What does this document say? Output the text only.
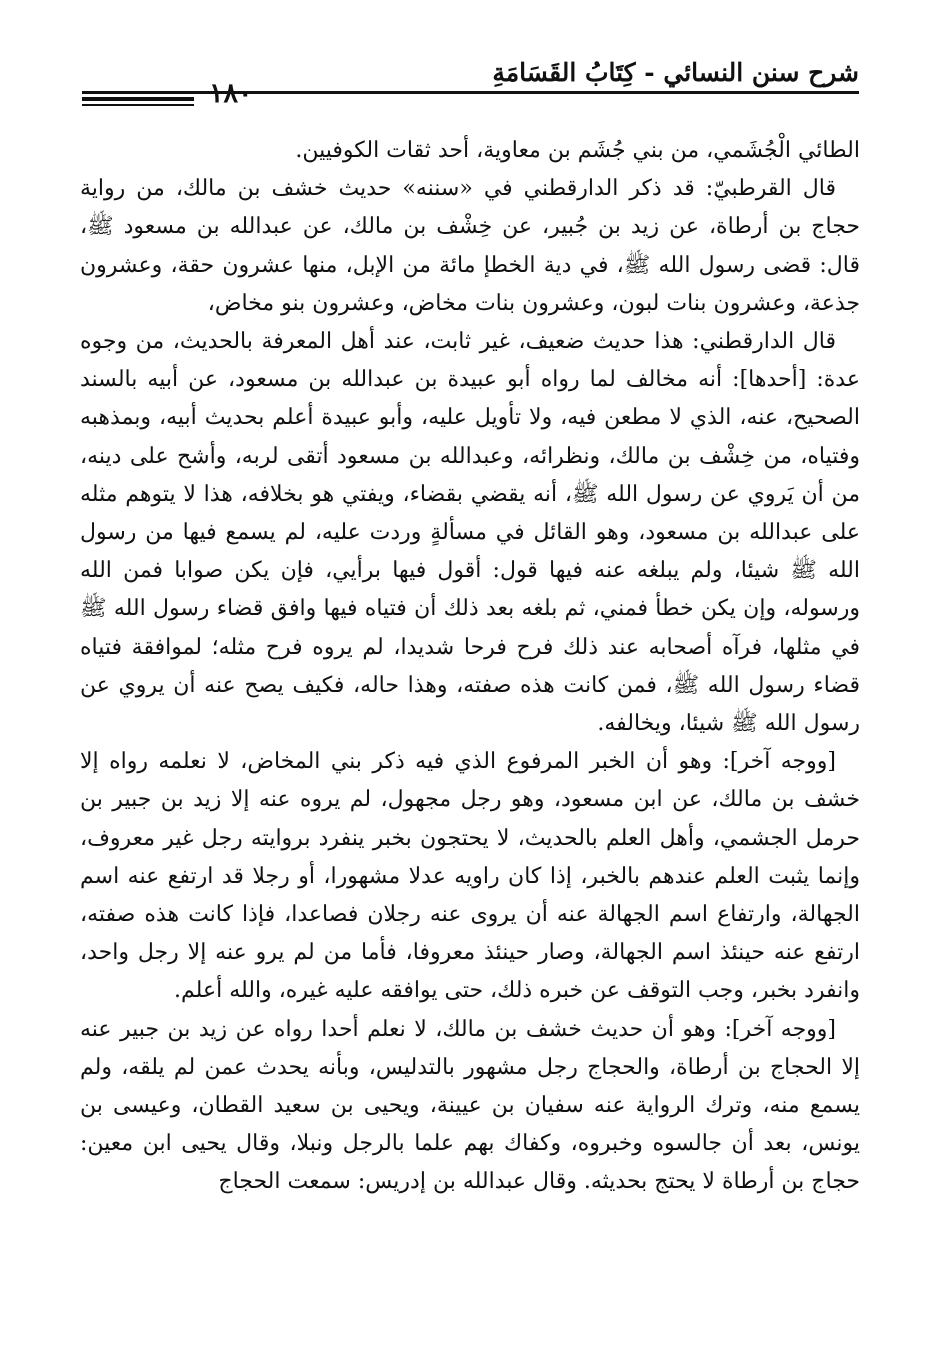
شرح سنن النسائي - كِتَابُ القَسَامَةِ
١٨٠

الطائي الْجُشَمي، من بني جُشَم بن معاوية، أحد ثقات الكوفيين.

قال القرطبيّ: قد ذكر الدارقطني في «سننه» حديث خشف بن مالك، من رواية حجاج بن أرطاة، عن زيد بن جُبير، عن خِشْف بن مالك، عن عبدالله بن مسعود ﷺ، قال: قضى رسول الله ﷺ، في دية الخطإ مائة من الإبل، منها عشرون حقة، وعشرون جذعة، وعشرون بنات لبون، وعشرون بنات مخاض، وعشرون بنو مخاض،

قال الدارقطني: هذا حديث ضعيف، غير ثابت، عند أهل المعرفة بالحديث، من وجوه عدة: [أحدها]: أنه مخالف لما رواه أبو عبيدة بن عبدالله بن مسعود، عن أبيه بالسند الصحيح، عنه، الذي لا مطعن فيه، ولا تأويل عليه، وأبو عبيدة أعلم بحديث أبيه، وبمذهبه وفتياه، من خِشْف بن مالك، ونظرائه، وعبدالله بن مسعود أتقى لربه، وأشح على دينه، من أن يَروي عن رسول الله ﷺ، أنه يقضي بقضاء، ويفتي هو بخلافه، هذا لا يتوهم مثله على عبدالله بن مسعود، وهو القائل في مسألةٍ وردت عليه، لم يسمع فيها من رسول الله ﷺ شيئا، ولم يبلغه عنه فيها قول: أقول فيها برأيي، فإن يكن صوابا فمن الله ورسوله، وإن يكن خطأ فمني، ثم بلغه بعد ذلك أن فتياه فيها وافق قضاء رسول الله ﷺ في مثلها، فرآه أصحابه عند ذلك فرح فرحا شديدا، لم يروه فرح مثله؛ لموافقة فتياه قضاء رسول الله ﷺ، فمن كانت هذه صفته، وهذا حاله، فكيف يصح عنه أن يروي عن رسول الله ﷺ شيئا، ويخالفه.

[ووجه آخر]: وهو أن الخبر المرفوع الذي فيه ذكر بني المخاض، لا نعلمه رواه إلا خشف بن مالك، عن ابن مسعود، وهو رجل مجهول، لم يروه عنه إلا زيد بن جبير بن حرمل الجشمي، وأهل العلم بالحديث، لا يحتجون بخبر ينفرد بروايته رجل غير معروف، وإنما يثبت العلم عندهم بالخبر، إذا كان راويه عدلا مشهورا، أو رجلا قد ارتفع عنه اسم الجهالة، وارتفاع اسم الجهالة عنه أن يروى عنه رجلان فصاعدا، فإذا كانت هذه صفته، ارتفع عنه حينئذ اسم الجهالة، وصار حينئذ معروفا، فأما من لم يرو عنه إلا رجل واحد، وانفرد بخبر، وجب التوقف عن خبره ذلك، حتى يوافقه عليه غيره، والله أعلم.

[ووجه آخر]: وهو أن حديث خشف بن مالك، لا نعلم أحدا رواه عن زيد بن جبير عنه إلا الحجاج بن أرطاة، والحجاج رجل مشهور بالتدليس، وبأنه يحدث عمن لم يلقه، ولم يسمع منه، وترك الرواية عنه سفيان بن عيينة، ويحيى بن سعيد القطان، وعيسى بن يونس، بعد أن جالسوه وخبروه، وكفاك بهم علما بالرجل ونبلا، وقال يحيى ابن معين: حجاج بن أرطاة لا يحتج بحديثه. وقال عبدالله بن إدريس: سمعت الحجاج
